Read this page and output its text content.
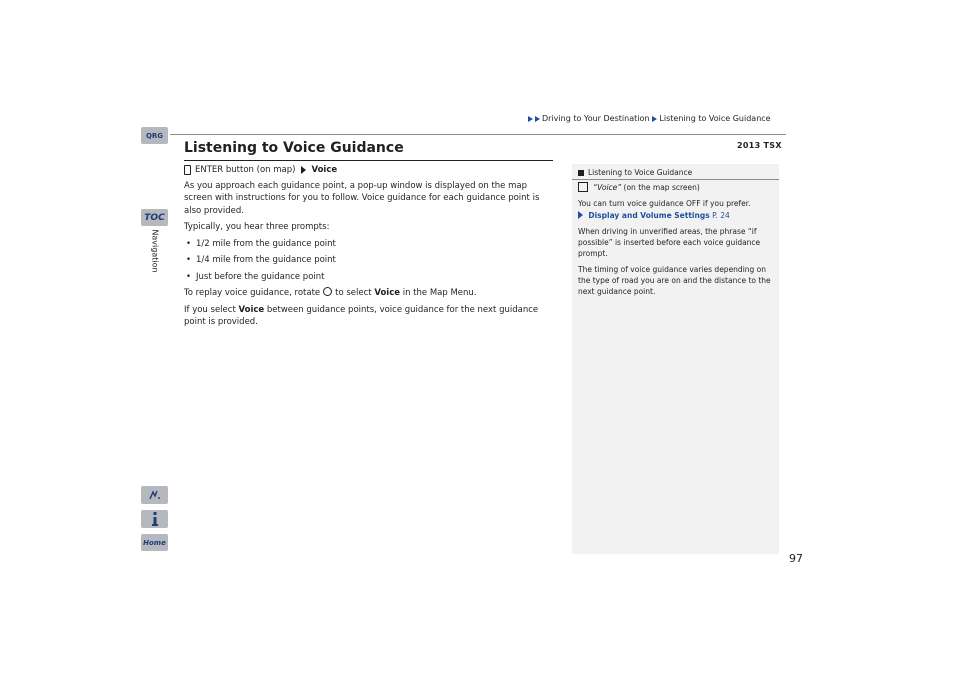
Driving to Your Destination Listening to Voice Guidance
2013 TSX
QRG
TOC
Navigation
Home
Listening to Voice Guidance
ENTER button (on map) Voice

As you approach each guidance point, a pop-up window is displayed on the map screen with instructions for you to follow. Voice guidance for each guidance point is also provided.

Typically, you hear three prompts:

• 1/2 mile from the guidance point
• 1/4 mile from the guidance point
• Just before the guidance point

To replay voice guidance, rotate to select Voice in the Map Menu.

If you select Voice between guidance points, voice guidance for the next guidance point is provided.

Listening to Voice Guidance

“Voice” (on the map screen)

You can turn voice guidance OFF if you prefer.

Display and Volume Settings P. 24

When driving in unverified areas, the phrase “if possible” is inserted before each voice guidance prompt.

The timing of voice guidance varies depending on the type of road you are on and the distance to the next guidance point.

97
